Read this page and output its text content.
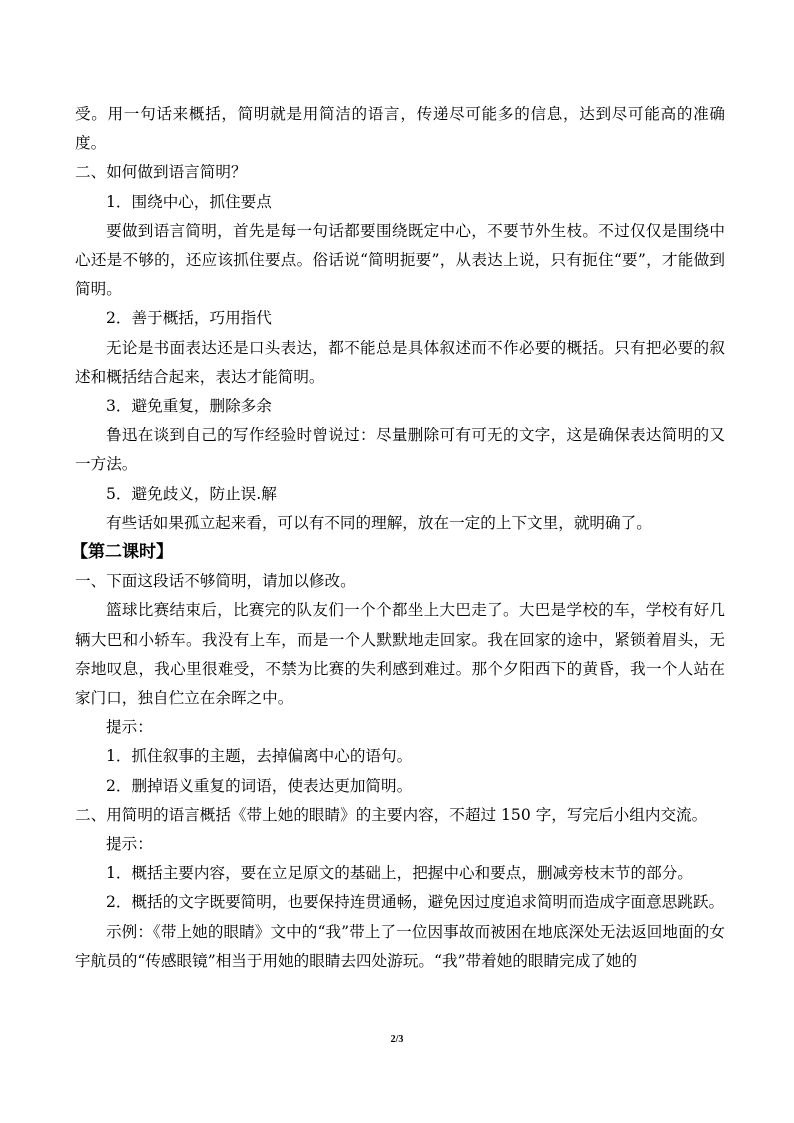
受。用一句话来概括，简明就是用简洁的语言，传递尽可能多的信息，达到尽可能高的准确度。

二、如何做到语言简明？

1．围绕中心，抓住要点

要做到语言简明，首先是每一句话都要围绕既定中心，不要节外生枝。不过仅仅是围绕中心还是不够的，还应该抓住要点。俗话说“简明扼要”，从表达上说，只有扼住“要”，才能做到简明。

2．善于概括，巧用指代

无论是书面表达还是口头表达，都不能总是具体叙述而不作必要的概括。只有把必要的叙述和概括结合起来，表达才能简明。

3．避免重复，删除多余

鲁迅在谈到自己的写作经验时曾说过：尽量删除可有可无的文字，这是确保表达简明的又一方法。

5．避免歧义，防止误.解

有些话如果孤立起来看，可以有不同的理解，放在一定的上下文里，就明确了。

【第二课时】

一、下面这段话不够简明，请加以修改。

篮球比赛结束后，比赛完的队友们一个个都坐上大巴走了。大巴是学校的车，学校有好几辆大巴和小轿车。我没有上车，而是一个人默默地走回家。我在回家的途中，紧锁着眉头，无奈地叹息，我心里很难受，不禁为比赛的失利感到难过。那个夕阳西下的黄昏，我一个人站在家门口，独自伫立在余晖之中。

提示：

1．抓住叙事的主题，去掉偏离中心的语句。

2．删掉语义重复的词语，使表达更加简明。

二、用简明的语言概括《带上她的眼睛》的主要内容，不超过 150 字，写完后小组内交流。

提示：

1．概括主要内容，要在立足原文的基础上，把握中心和要点，删减旁枝末节的部分。

2．概括的文字既要简明，也要保持连贯通畅，避免因过度追求简明而造成字面意思跳跃。

示例：《带上她的眼睛》文中的“我”带上了一位因事故而被困在地底深处无法返回地面的女宇航员的“传感眼镜”相当于用她的眼睛去四处游玩。“我”带着她的眼睛完成了她的

2/3
